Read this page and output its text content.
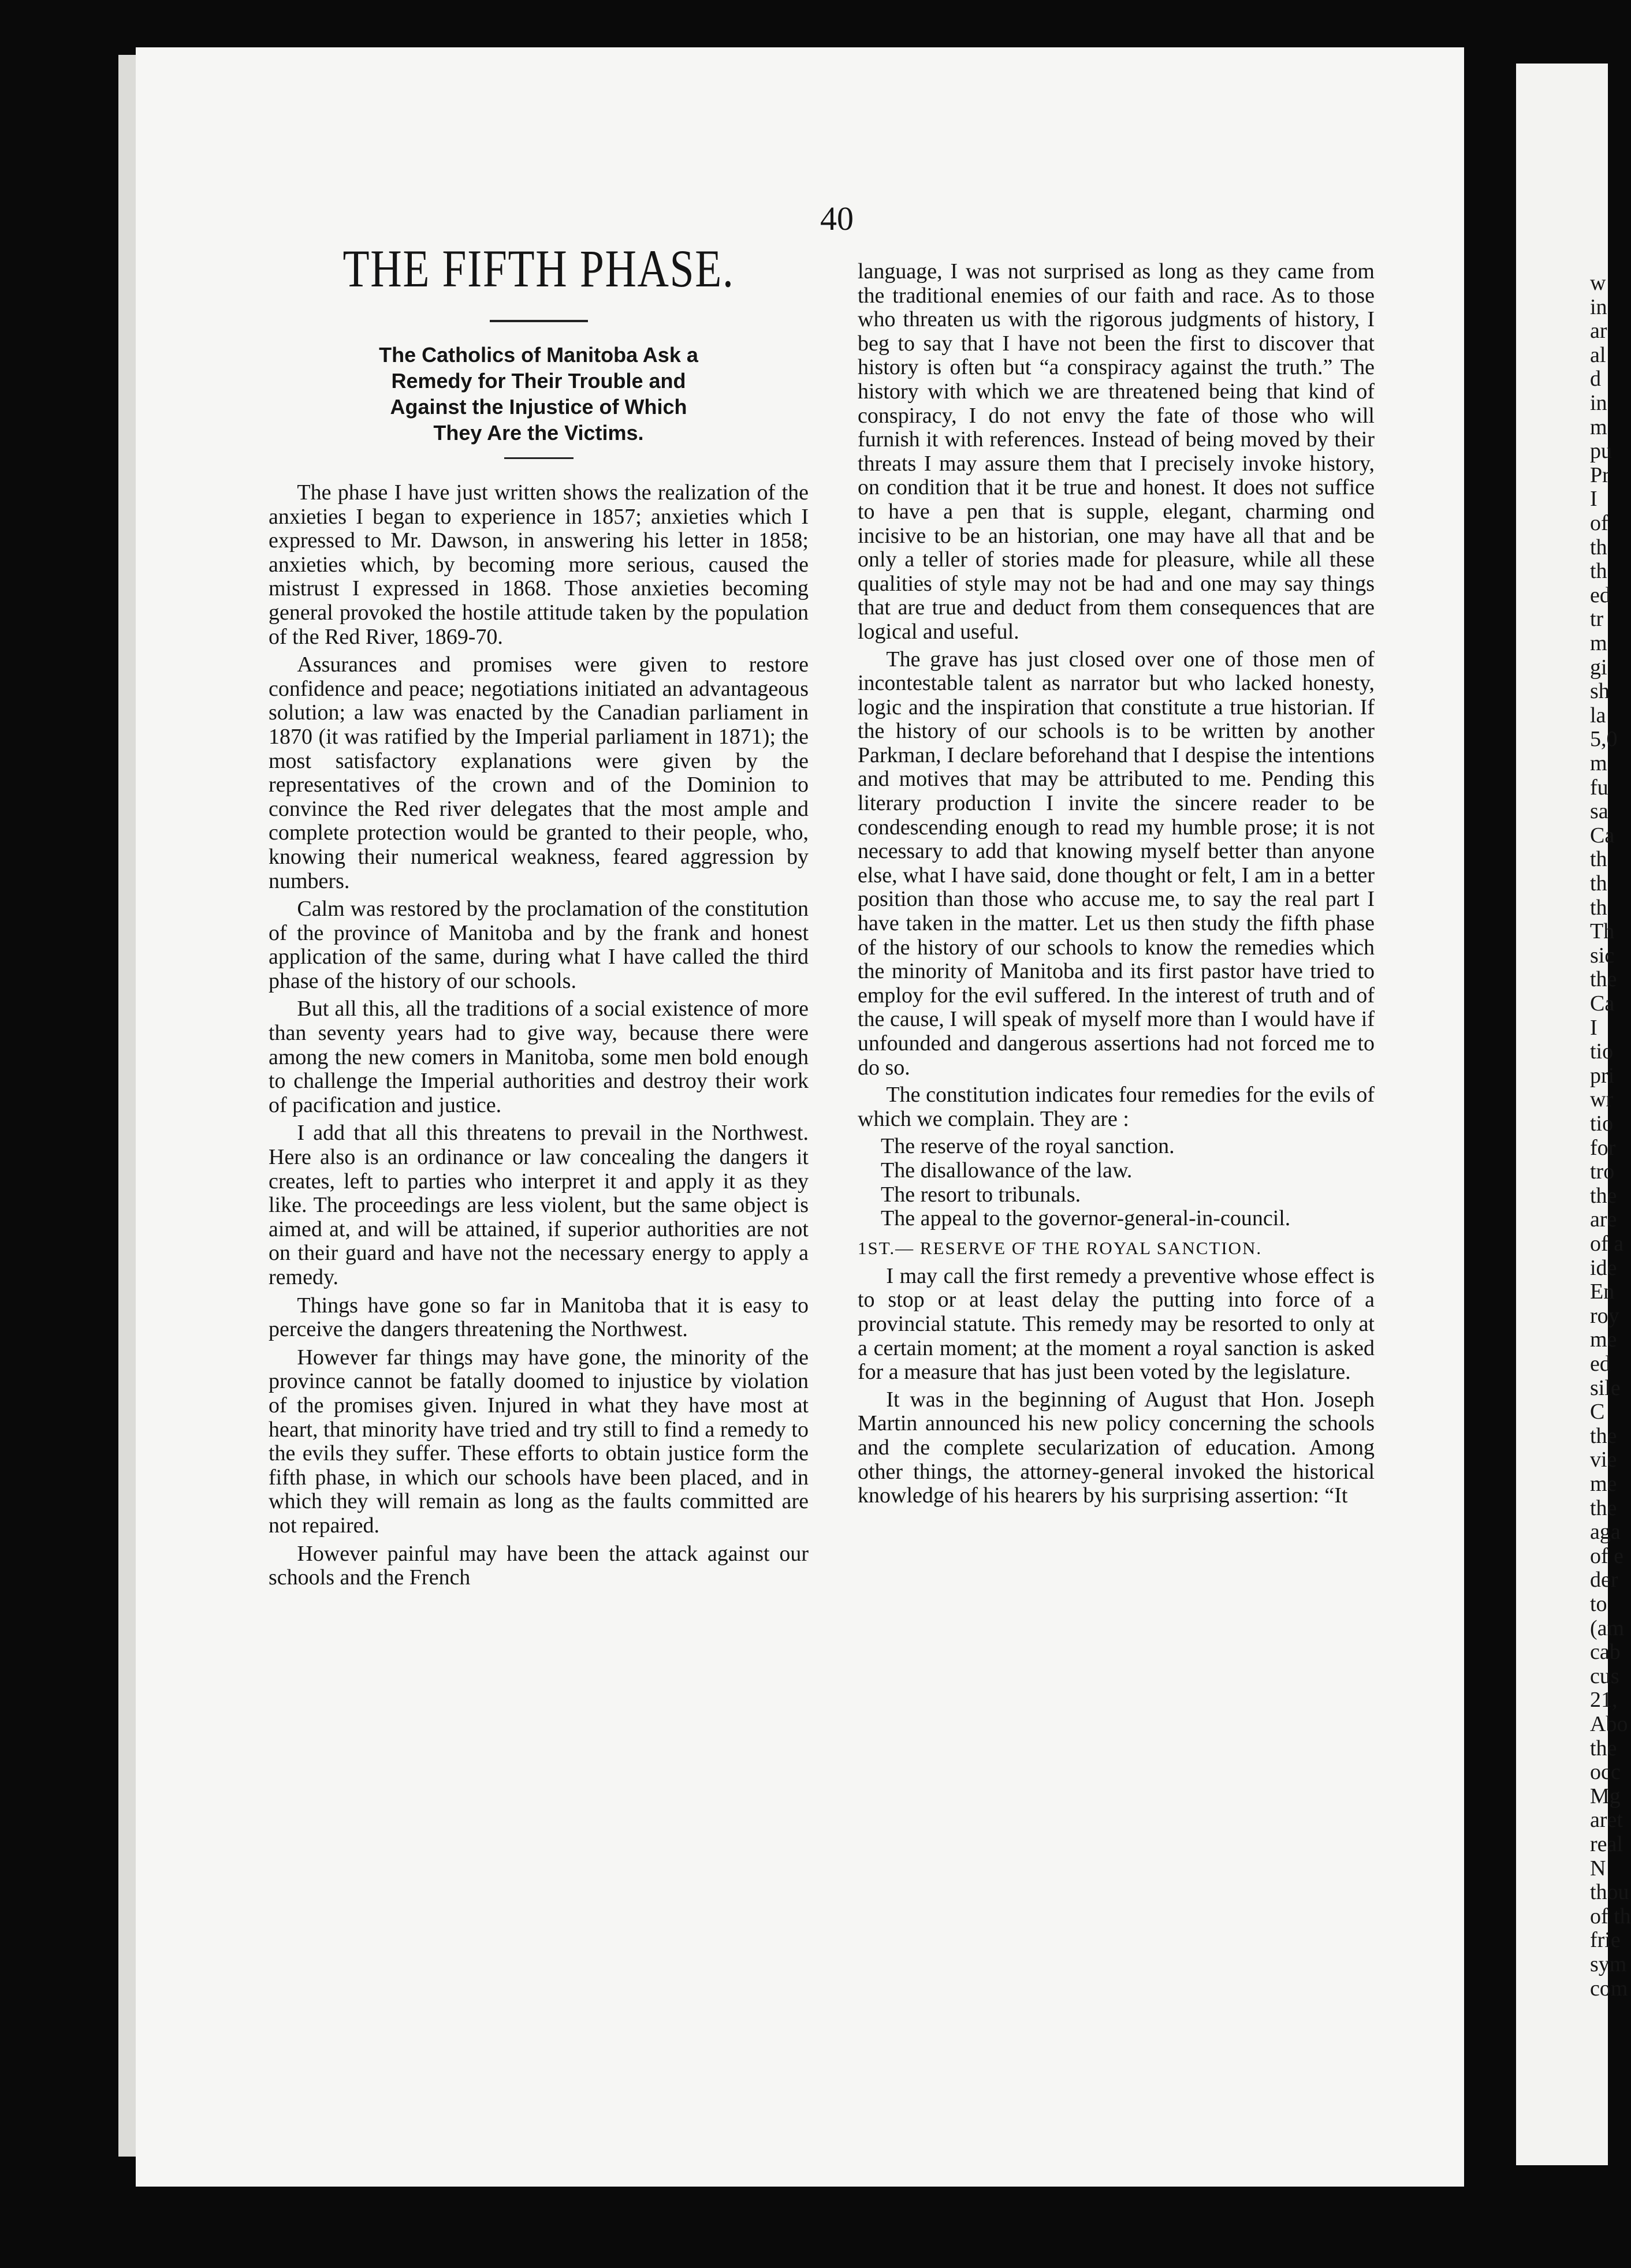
w
in
ar
al
d
in
m
pu
Pr
I
of
th
th
ed
tr
m
gi
sh
la
5,0
m
fu
sa
Ca
th
th
th
Th
sic
the
Ca
I
tio
pri
wr
tio
for
tro
the
are
of a
ide
En
roy
me
ed
sile
C
the
vie
me
the
aga
of e
der
to
(am
cab
cus
21,
Abo
the
occ
Mg
aret
real
N
thou
of th
frie
sym
com
40
THE FIFTH PHASE.
The Catholics of Manitoba Ask a
Remedy for Their Trouble and
Against the Injustice of Which
They Are the Victims.

The phase I have just written shows the realization of the anxieties I began to experience in 1857; anxieties which I expressed to Mr. Dawson, in answering his letter in 1858; anxieties which, by becoming more serious, caused the mistrust I expressed in 1868. Those anxieties becoming general provoked the hostile attitude taken by the population of the Red River, 1869-70.

Assurances and promises were given to restore confidence and peace; negotiations initiated an advantageous solution; a law was enacted by the Canadian parliament in 1870 (it was ratified by the Imperial parliament in 1871); the most satisfactory explanations were given by the representatives of the crown and of the Dominion to convince the Red river delegates that the most ample and complete protection would be granted to their people, who, knowing their numerical weakness, feared aggression by numbers.

Calm was restored by the proclamation of the constitution of the province of Manitoba and by the frank and honest application of the same, during what I have called the third phase of the history of our schools.

But all this, all the traditions of a social existence of more than seventy years had to give way, because there were among the new comers in Manitoba, some men bold enough to challenge the Imperial authorities and destroy their work of pacification and justice.

I add that all this threatens to prevail in the Northwest. Here also is an ordinance or law concealing the dangers it creates, left to parties who interpret it and apply it as they like. The proceedings are less violent, but the same object is aimed at, and will be attained, if superior authorities are not on their guard and have not the necessary energy to apply a remedy.

Things have gone so far in Manitoba that it is easy to perceive the dangers threatening the Northwest.

However far things may have gone, the minority of the province cannot be fatally doomed to injustice by violation of the promises given. Injured in what they have most at heart, that minority have tried and try still to find a remedy to the evils they suffer. These efforts to obtain justice form the fifth phase, in which our schools have been placed, and in which they will remain as long as the faults committed are not repaired.

However painful may have been the attack against our schools and the French

language, I was not surprised as long as they came from the traditional enemies of our faith and race. As to those who threaten us with the rigorous judgments of history, I beg to say that I have not been the first to discover that history is often but “a conspiracy against the truth.” The history with which we are threatened being that kind of conspiracy, I do not envy the fate of those who will furnish it with references. Instead of being moved by their threats I may assure them that I precisely invoke history, on condition that it be true and honest. It does not suffice to have a pen that is supple, elegant, charming ond incisive to be an historian, one may have all that and be only a teller of stories made for pleasure, while all these qualities of style may not be had and one may say things that are true and deduct from them consequences that are logical and useful.

The grave has just closed over one of those men of incontestable talent as narrator but who lacked honesty, logic and the inspiration that constitute a true historian. If the history of our schools is to be written by another Parkman, I declare beforehand that I despise the intentions and motives that may be attributed to me. Pending this literary production I invite the sincere reader to be condescending enough to read my humble prose; it is not necessary to add that knowing myself better than anyone else, what I have said, done thought or felt, I am in a better position than those who accuse me, to say the real part I have taken in the matter. Let us then study the fifth phase of the history of our schools to know the remedies which the minority of Manitoba and its first pastor have tried to employ for the evil suffered. In the interest of truth and of the cause, I will speak of myself more than I would have if unfounded and dangerous assertions had not forced me to do so.

The constitution indicates four remedies for the evils of which we complain. They are :

The reserve of the royal sanction.
The disallowance of the law.
The resort to tribunals.
The appeal to the governor-general-in-council.
1ST.— RESERVE OF THE ROYAL SANCTION.

I may call the first remedy a preventive whose effect is to stop or at least delay the putting into force of a provincial statute. This remedy may be resorted to only at a certain moment; at the moment a royal sanction is asked for a measure that has just been voted by the legislature.

It was in the beginning of August that Hon. Joseph Martin announced his new policy concerning the schools and the complete secularization of education. Among other things, the attorney-general invoked the historical knowledge of his hearers by his surprising assertion: “It
